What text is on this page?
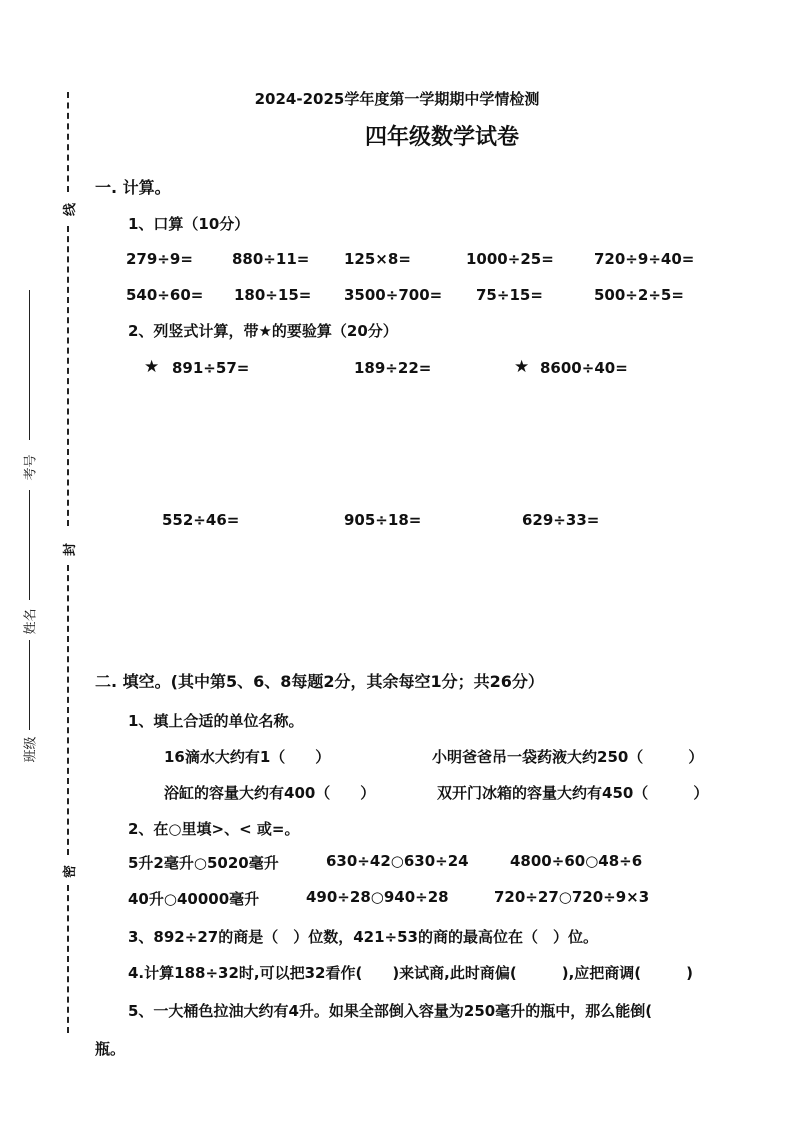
线
封
密
考号
姓名
班级
2024-2025学年度第一学期期中学情检测
四年级数学试卷
一. 计算。
1、口算（10分）
279÷9=	880÷11= 125×8=	1000÷25=	720÷9÷40=
540÷60= 180÷15= 3500÷700= 75÷15=	500÷2÷5=
2、列竖式计算，带★的要验算（20分）
★ 891÷57=	189÷22=	★ 8600÷40=
552÷46=	905÷18=	629÷33=
二. 填空。(其中第5、6、8每题2分，其余每空1分；共26分）
1、填上合适的单位名称。
16滴水大约有1（　　）	小明爸爸吊一袋药液大约250（　　　）
浴缸的容量大约有400（　　）	双开门冰箱的容量大约有450（　　　）
2、在○里填>、< 或=。
5升2毫升○5020毫升	630÷42○630÷24	4800÷60○48÷6
40升○40000毫升	490÷28○940÷28	720÷27○720÷9×3
3、892÷27的商是（　）位数，421÷53的商的最高位在（　）位。
4.计算188÷32时,可以把32看作(　　)来试商,此时商偏(　　　),应把商调(　　　)
5、一大桶色拉油大约有4升。如果全部倒入容量为250毫升的瓶中，那么能倒(
瓶。
